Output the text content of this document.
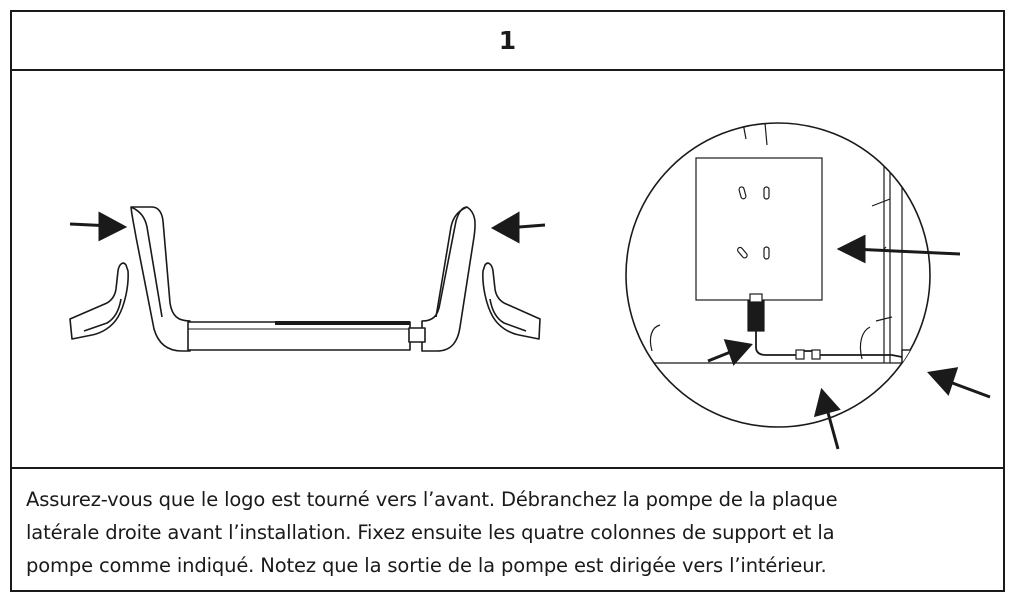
1
Assurez-vous que le logo est tourné vers l’avant. Débranchez la pompe de la plaque
latérale droite avant l’installation. Fixez ensuite les quatre colonnes de support et la
pompe comme indiqué. Notez que la sortie de la pompe est dirigée vers l’intérieur.
